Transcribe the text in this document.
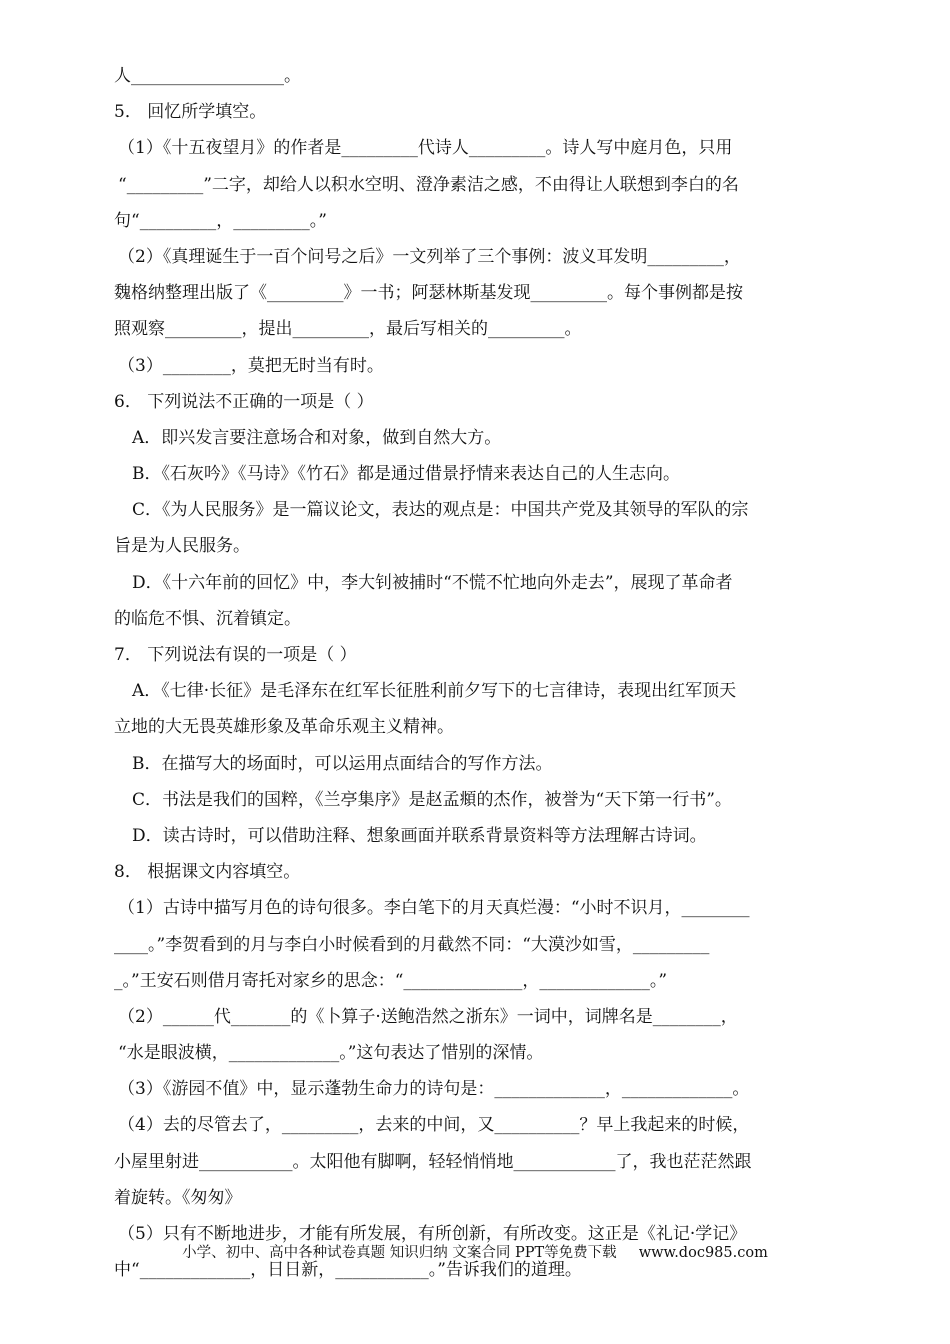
人__________________。
5． 回忆所学填空。
（1）《十五夜望月》的作者是_________代诗人_________。诗人写中庭月色，只用
“_________”二字，却给人以积水空明、澄净素洁之感，不由得让人联想到李白的名
句“_________，_________。”
（2）《真理诞生于一百个问号之后》一文列举了三个事例：波义耳发明_________，
魏格纳整理出版了《_________》一书；阿瑟林斯基发现_________。每个事例都是按
照观察_________，提出_________，最后写相关的_________。
（3）________，莫把无时当有时。
6． 下列说法不正确的一项是（ ）
A．即兴发言要注意场合和对象，做到自然大方。
B．《石灰吟》《马诗》《竹石》都是通过借景抒情来表达自己的人生志向。
C．《为人民服务》是一篇议论文，表达的观点是：中国共产党及其领导的军队的宗
旨是为人民服务。
D．《十六年前的回忆》中，李大钊被捕时“不慌不忙地向外走去”，展现了革命者
的临危不惧、沉着镇定。
7． 下列说法有误的一项是（ ）
A．《七律·长征》是毛泽东在红军长征胜利前夕写下的七言律诗，表现出红军顶天
立地的大无畏英雄形象及革命乐观主义精神。
B．在描写大的场面时，可以运用点面结合的写作方法。
C．书法是我们的国粹，《兰亭集序》是赵孟頫的杰作，被誉为“天下第一行书”。
D．读古诗时，可以借助注释、想象画面并联系背景资料等方法理解古诗词。
8． 根据课文内容填空。
（1）古诗中描写月色的诗句很多。李白笔下的月天真烂漫：“小时不识月，________
____。”李贺看到的月与李白小时候看到的月截然不同：“大漠沙如雪，_________
_。”王安石则借月寄托对家乡的思念：“______________，_____________。”
（2）______代_______的《卜算子·送鲍浩然之浙东》一词中，词牌名是________，
“水是眼波横，_____________。”这句表达了惜别的深情。
（3）《游园不值》中，显示蓬勃生命力的诗句是：_____________，_____________。
（4）去的尽管去了，_________，去来的中间，又__________？早上我起来的时候，
小屋里射进___________。太阳他有脚啊，轻轻悄悄地____________了，我也茫茫然跟
着旋转。《匆匆》
（5）只有不断地进步，才能有所发展，有所创新，有所改变。这正是《礼记·学记》
中“_____________，日日新，___________。”告诉我们的道理。
小学、初中、高中各种试卷真题 知识归纳 文案合同 PPT等免费下载 www.doc985.com
